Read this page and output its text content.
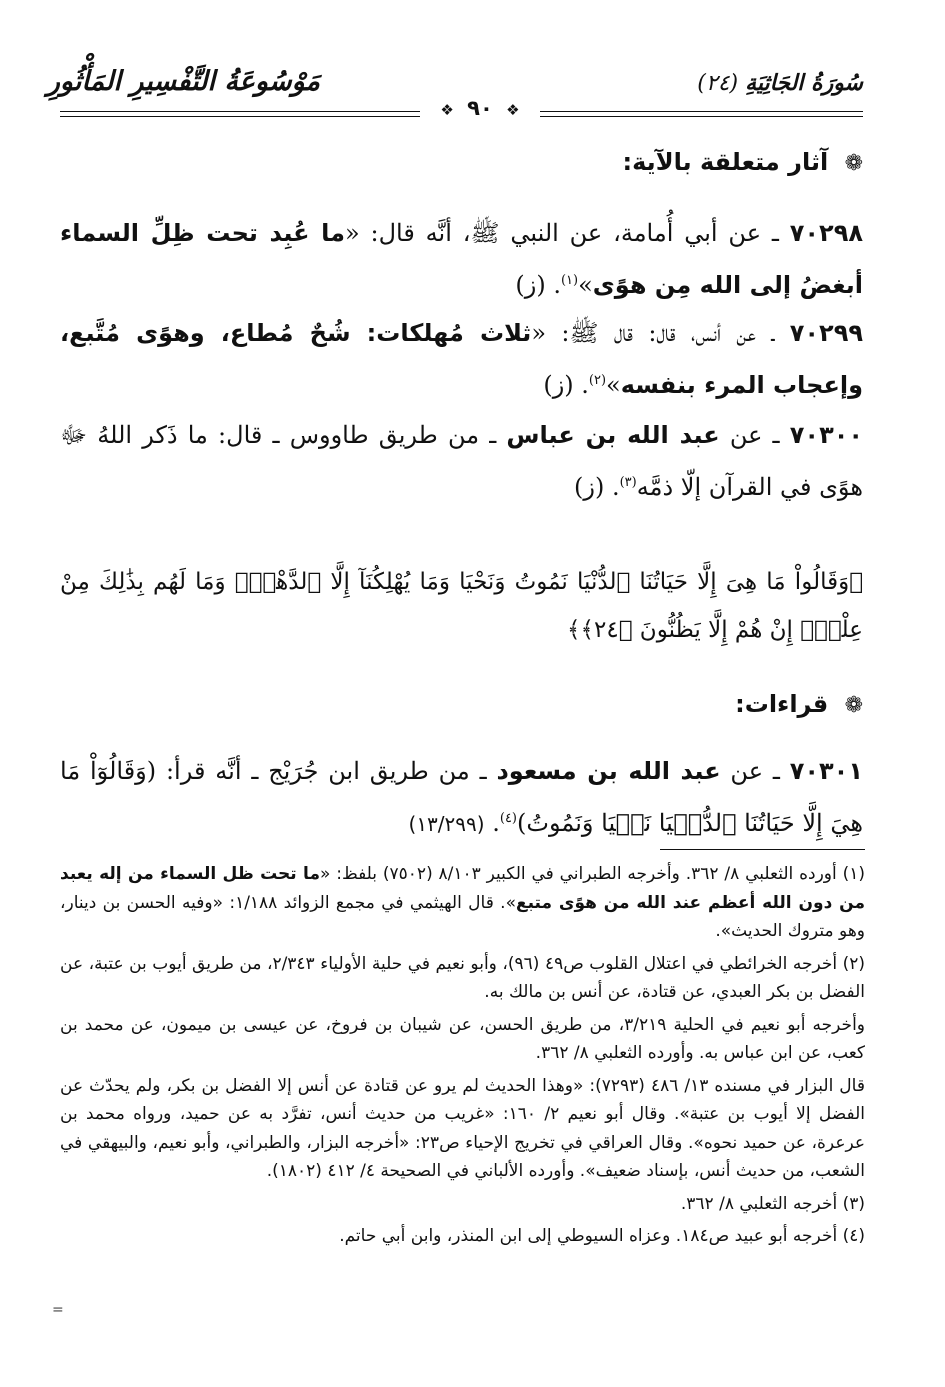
مَوْسُوعَةُ التَّفْسِيرِ المَأْثُورِ	سُورَةُ الجَاثِيَةِ (٢٤)
❖ ٩٠ ❖
❁ آثار متعلقة بالآية:
٧٠٢٩٨ ـ عن أبي أُمامة، عن النبي ﷺ، أنَّه قال: «ما عُبِد تحت ظِلِّ السماء أبغضُ إلى الله مِن هوًى»$^{(١)}$. (ز)
٧٠٢٩٩ ـ عن أنس، قال: قال ﷺ: «ثلاث مُهلكات: شُحٌ مُطاع، وهوًى مُتَّبع، وإعجاب المرء بنفسه»$^{(٢)}$. (ز)
٧٠٣٠٠ ـ عن عبد الله بن عباس ـ من طريق طاووس ـ قال: ما ذَكر اللهُ ﷻ هوًى في القرآن إلّا ذمَّه$^{(٣)}$. (ز)
﴿وَقَالُواْ مَا هِىَ إِلَّا حَيَاتُنَا ٱلدُّنْيَا نَمُوتُ وَنَحْيَا وَمَا يُهْلِكُنَآ إِلَّا ٱلدَّهْرُۚ وَمَا لَهُم بِذَٰلِكَ مِنْ عِلْمٍۖ إِنْ هُمْ إِلَّا يَظُنُّونَ ﴿٢٤﴾﴾
❁ قراءات:
٧٠٣٠١ ـ عن عبد الله بن مسعود ـ من طريق ابن جُرَيْج ـ أنَّه قرأ: (وَقَالُوٓاْ مَا هِيَ إِلَّا حَيَاتُنَا ٱلدُّنۡيَا نَحۡيَا وَنَمُوتُ)$^{(٤)}$. (١٣/٢٩٩)

(١) أورده الثعلبي ٨/ ٣٦٢. وأخرجه الطبراني في الكبير ٨/١٠٣ (٧٥٠٢) بلفظ: «ما تحت ظل السماء من إله يعبد من دون الله أعظم عند الله من هوًى متبع». قال الهيثمي في مجمع الزوائد ١/١٨٨: «وفيه الحسن بن دينار، وهو متروك الحديث».

(٢) أخرجه الخرائطي في اعتلال القلوب ص٤٩ (٩٦)، وأبو نعيم في حلية الأولياء ٢/٣٤٣، من طريق أيوب بن عتبة، عن الفضل بن بكر العبدي، عن قتادة، عن أنس بن مالك به.

وأخرجه أبو نعيم في الحلية ٣/٢١٩، من طريق الحسن، عن شيبان بن فروخ، عن عيسى بن ميمون، عن محمد بن كعب، عن ابن عباس به. وأورده الثعلبي ٨/ ٣٦٢.

قال البزار في مسنده ١٣/ ٤٨٦ (٧٢٩٣): «وهذا الحديث لم يرو عن قتادة عن أنس إلا الفضل بن بكر، ولم يحدّث عن الفضل إلا أيوب بن عتبة». وقال أبو نعيم ٢/ ١٦٠: «غريب من حديث أنس، تفرَّد به عن حميد، ورواه محمد بن عرعرة، عن حميد نحوه». وقال العراقي في تخريج الإحياء ص٢٣: «أخرجه البزار، والطبراني، وأبو نعيم، والبيهقي في الشعب، من حديث أنس، بإسناد ضعيف». وأورده الألباني في الصحيحة ٤/ ٤١٢ (١٨٠٢).

(٣) أخرجه الثعلبي ٨/ ٣٦٢.

(٤) أخرجه أبو عبيد ص١٨٤. وعزاه السيوطي إلى ابن المنذر، وابن أبي حاتم.

=
